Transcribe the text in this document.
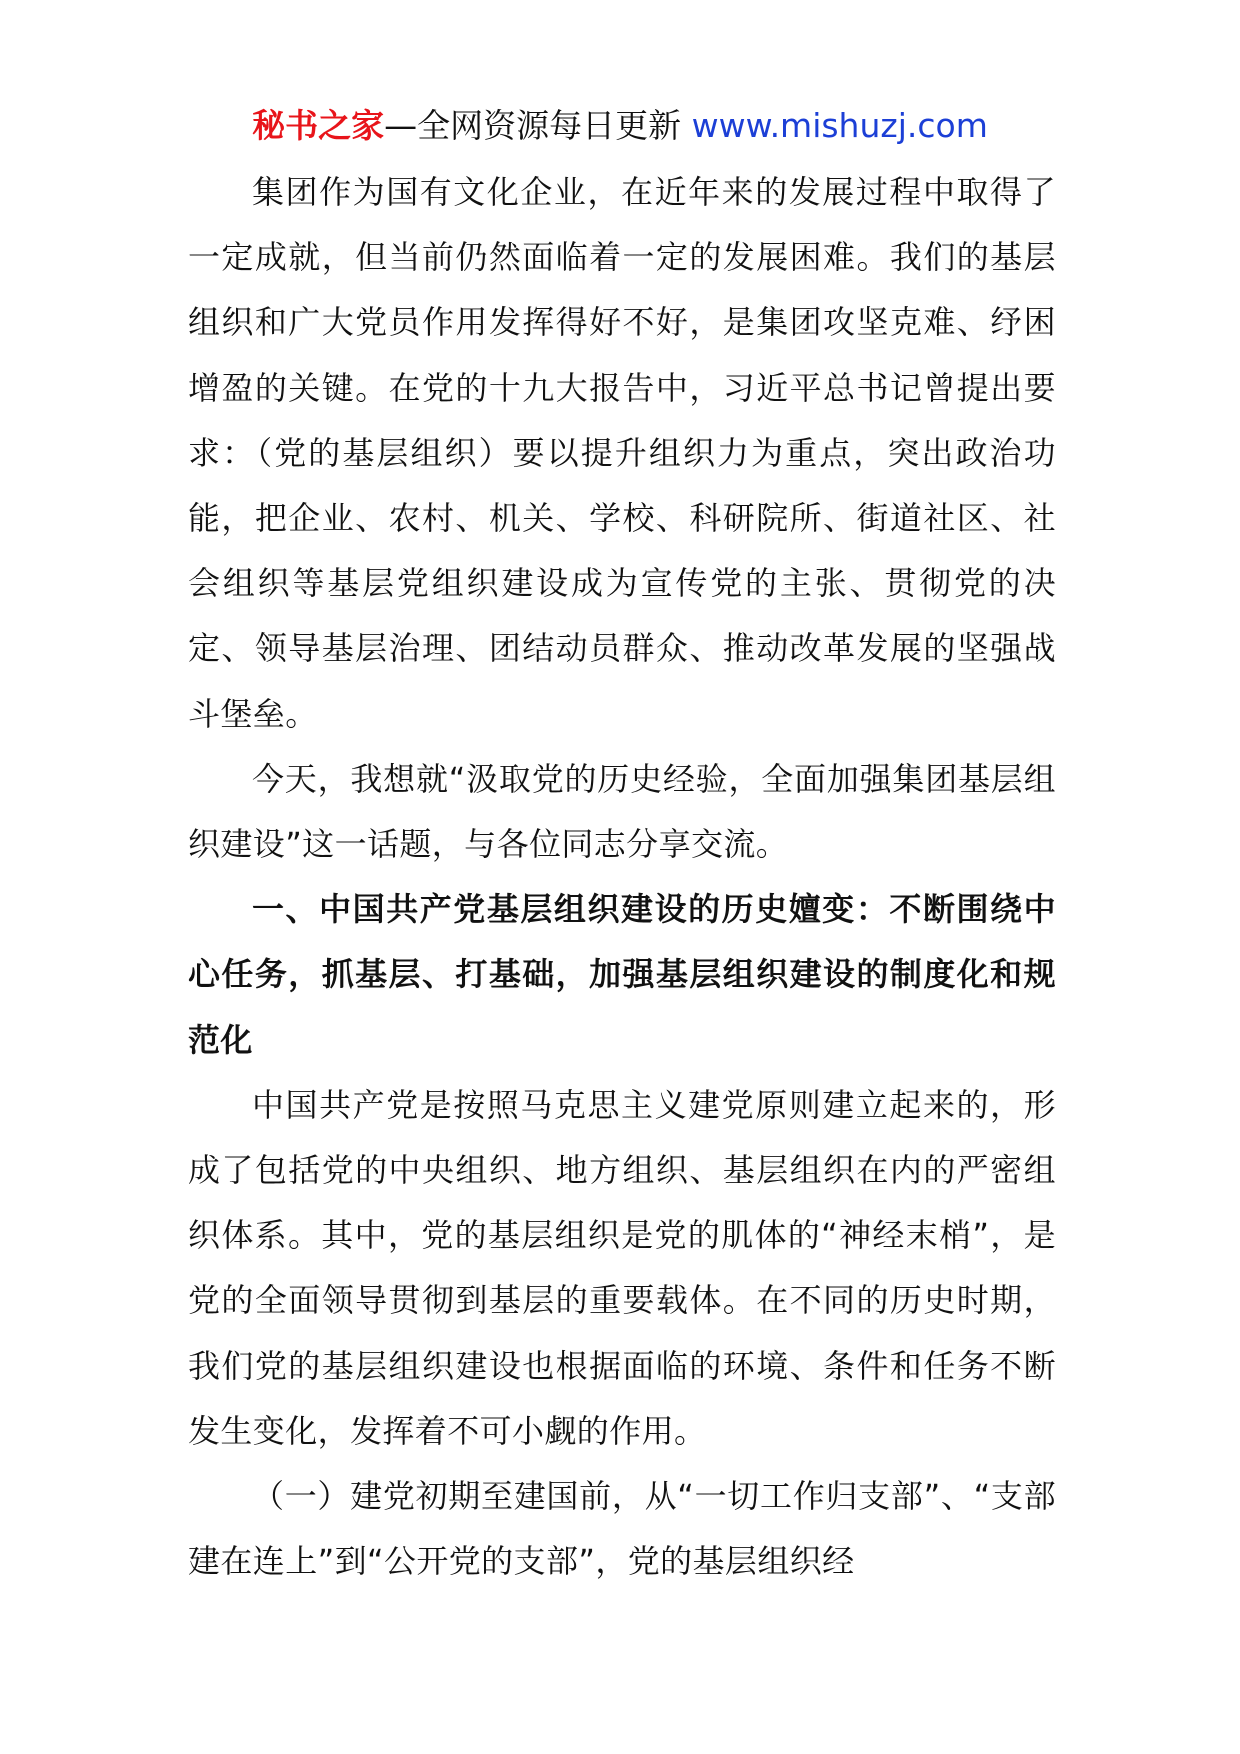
秘书之家—全网资源每日更新 www.mishuzj.com

集团作为国有文化企业，在近年来的发展过程中取得了一定成就，但当前仍然面临着一定的发展困难。我们的基层组织和广大党员作用发挥得好不好，是集团攻坚克难、纾困增盈的关键。在党的十九大报告中，习近平总书记曾提出要求：（党的基层组织）要以提升组织力为重点，突出政治功能，把企业、农村、机关、学校、科研院所、街道社区、社会组织等基层党组织建设成为宣传党的主张、贯彻党的决定、领导基层治理、团结动员群众、推动改革发展的坚强战斗堡垒。

今天，我想就“汲取党的历史经验，全面加强集团基层组织建设”这一话题，与各位同志分享交流。

一、中国共产党基层组织建设的历史嬗变：不断围绕中心任务，抓基层、打基础，加强基层组织建设的制度化和规范化

中国共产党是按照马克思主义建党原则建立起来的，形成了包括党的中央组织、地方组织、基层组织在内的严密组织体系。其中，党的基层组织是党的肌体的“神经末梢”，是党的全面领导贯彻到基层的重要载体。在不同的历史时期，我们党的基层组织建设也根据面临的环境、条件和任务不断发生变化，发挥着不可小觑的作用。

（一）建党初期至建国前，从“一切工作归支部”、“支部建在连上”到“公开党的支部”，党的基层组织经
